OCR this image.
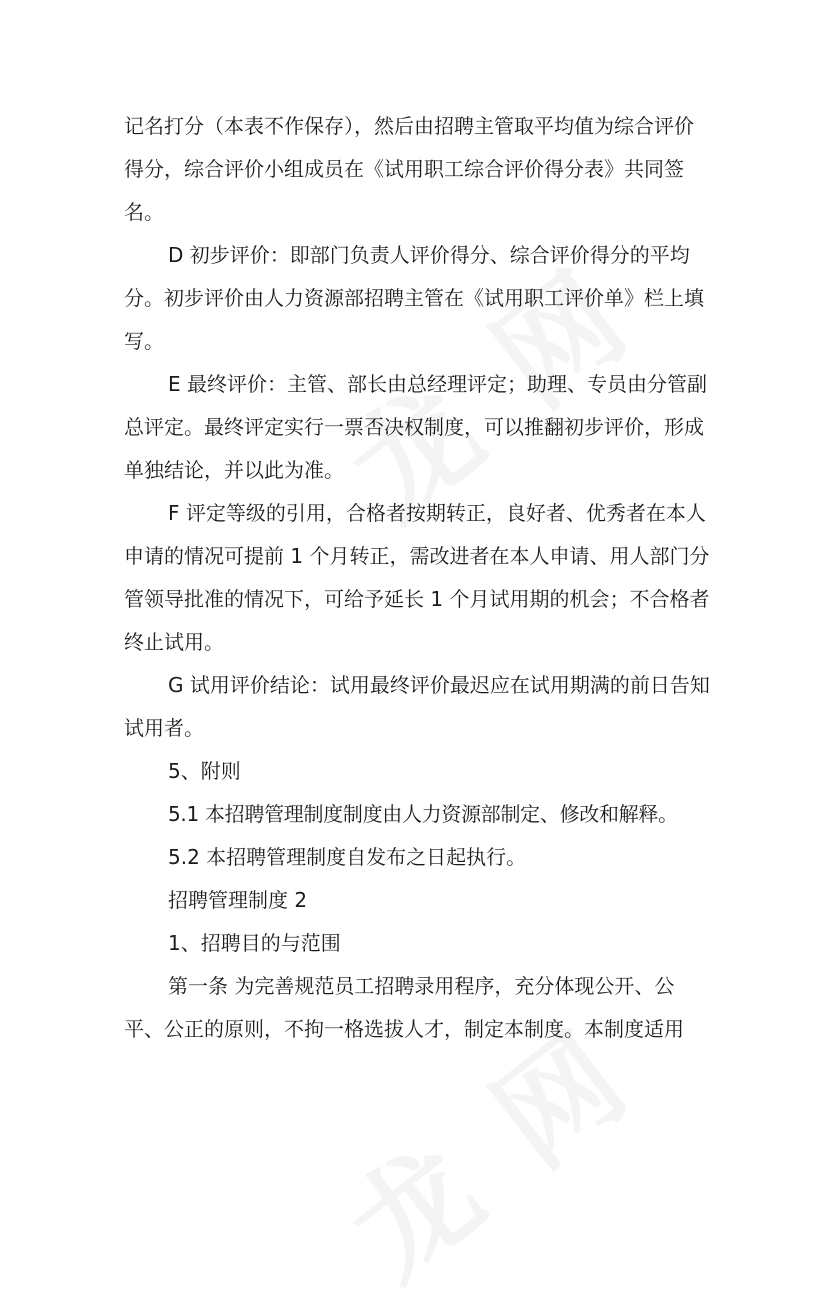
记名打分（本表不作保存），然后由招聘主管取平均值为综合评价得分，综合评价小组成员在《试用职工综合评价得分表》共同签名。

D 初步评价：即部门负责人评价得分、综合评价得分的平均分。初步评价由人力资源部招聘主管在《试用职工评价单》栏上填写。

E 最终评价：主管、部长由总经理评定；助理、专员由分管副总评定。最终评定实行一票否决权制度，可以推翻初步评价，形成单独结论，并以此为准。

F 评定等级的引用，合格者按期转正，良好者、优秀者在本人申请的情况可提前 1 个月转正，需改进者在本人申请、用人部门分管领导批准的情况下，可给予延长 1 个月试用期的机会；不合格者终止试用。

G 试用评价结论：试用最终评价最迟应在试用期满的前日告知试用者。

5、附则

5.1 本招聘管理制度制度由人力资源部制定、修改和解释。

5.2 本招聘管理制度自发布之日起执行。

招聘管理制度 2

1、招聘目的与范围

第一条 为完善规范员工招聘录用程序，充分体现公开、公平、公正的原则，不拘一格选拔人才，制定本制度。本制度适用
